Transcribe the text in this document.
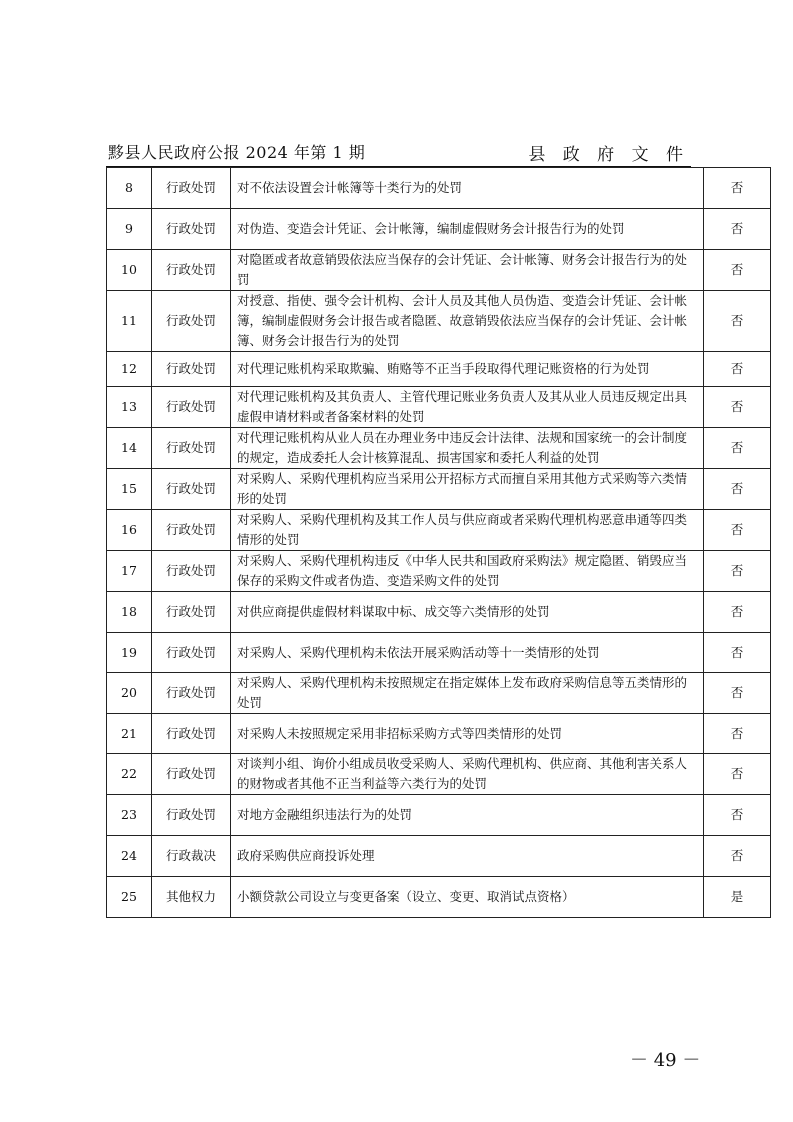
黟县人民政府公报 2024 年第 1 期	县 政 府 文 件
8	行政处罚	对不依法设置会计帐簿等十类行为的处罚	否
9	行政处罚	对伪造、变造会计凭证、会计帐簿，编制虚假财务会计报告行为的处罚	否
10	行政处罚	对隐匿或者故意销毁依法应当保存的会计凭证、会计帐簿、财务会计报告行为的处罚	否
11	行政处罚	对授意、指使、强令会计机构、会计人员及其他人员伪造、变造会计凭证、会计帐簿，编制虚假财务会计报告或者隐匿、故意销毁依法应当保存的会计凭证、会计帐簿、财务会计报告行为的处罚	否
12	行政处罚	对代理记账机构采取欺骗、贿赂等不正当手段取得代理记账资格的行为处罚	否
13	行政处罚	对代理记账机构及其负责人、主管代理记账业务负责人及其从业人员违反规定出具虚假申请材料或者备案材料的处罚	否
14	行政处罚	对代理记账机构从业人员在办理业务中违反会计法律、法规和国家统一的会计制度的规定，造成委托人会计核算混乱、损害国家和委托人利益的处罚	否
15	行政处罚	对采购人、采购代理机构应当采用公开招标方式而擅自采用其他方式采购等六类情形的处罚	否
16	行政处罚	对采购人、采购代理机构及其工作人员与供应商或者采购代理机构恶意串通等四类情形的处罚	否
17	行政处罚	对采购人、采购代理机构违反《中华人民共和国政府采购法》规定隐匿、销毁应当保存的采购文件或者伪造、变造采购文件的处罚	否
18	行政处罚	对供应商提供虚假材料谋取中标、成交等六类情形的处罚	否
19	行政处罚	对采购人、采购代理机构未依法开展采购活动等十一类情形的处罚	否
20	行政处罚	对采购人、采购代理机构未按照规定在指定媒体上发布政府采购信息等五类情形的处罚	否
21	行政处罚	对采购人未按照规定采用非招标采购方式等四类情形的处罚	否
22	行政处罚	对谈判小组、询价小组成员收受采购人、采购代理机构、供应商、其他利害关系人的财物或者其他不正当利益等六类行为的处罚	否
23	行政处罚	对地方金融组织违法行为的处罚	否
24	行政裁决	政府采购供应商投诉处理	否
25	其他权力	小额贷款公司设立与变更备案（设立、变更、取消试点资格）	是
－ 49 －
